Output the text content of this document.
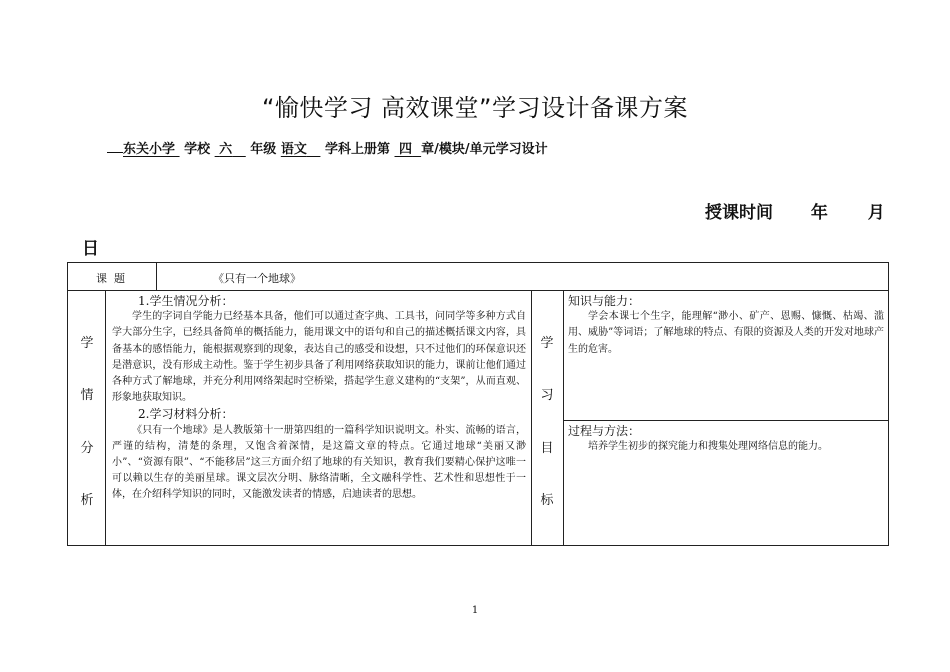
“愉快学习 高效课堂”学习设计备课方案
东关小学 学校 六 年级 语文 学科上册第 四 章/模块/单元学习设计
授课时间 年 月
日
课  题	《只有一个地球》
学
情
分
析
1.学生情况分析：
学生的字词自学能力已经基本具备，他们可以通过查字典、工具书，问同学等多种方式自学大部分生字，已经具备简单的概括能力，能用课文中的语句和自己的描述概括课文内容，具备基本的感悟能力，能根据观察到的现象，表达自己的感受和设想，只不过他们的环保意识还是潜意识，没有形成主动性。鉴于学生初步具备了利用网络获取知识的能力，课前让他们通过各种方式了解地球，并充分利用网络架起时空桥梁，搭起学生意义建构的“支架”，从而直观、形象地获取知识。
2.学习材料分析：
《只有一个地球》是人教版第十一册第四组的一篇科学知识说明文。朴实、流畅的语言，严谨的结构，清楚的条理，又饱含着深情，是这篇文章的特点。它通过地球“美丽又渺小”、“资源有限”、“不能移居”这三方面介绍了地球的有关知识，教育我们要精心保护这唯一可以赖以生存的美丽星球。课文层次分明、脉络清晰，全文融科学性、艺术性和思想性于一体，在介绍科学知识的同时，又能激发读者的情感，启迪读者的思想。
学
习
目
标
知识与能力：
学会本课七个生字，能理解“渺小、矿产、恩赐、慷慨、枯竭、滥用、威胁”等词语；了解地球的特点、有限的资源及人类的开发对地球产生的危害。
过程与方法：
培养学生初步的探究能力和搜集处理网络信息的能力。
1
